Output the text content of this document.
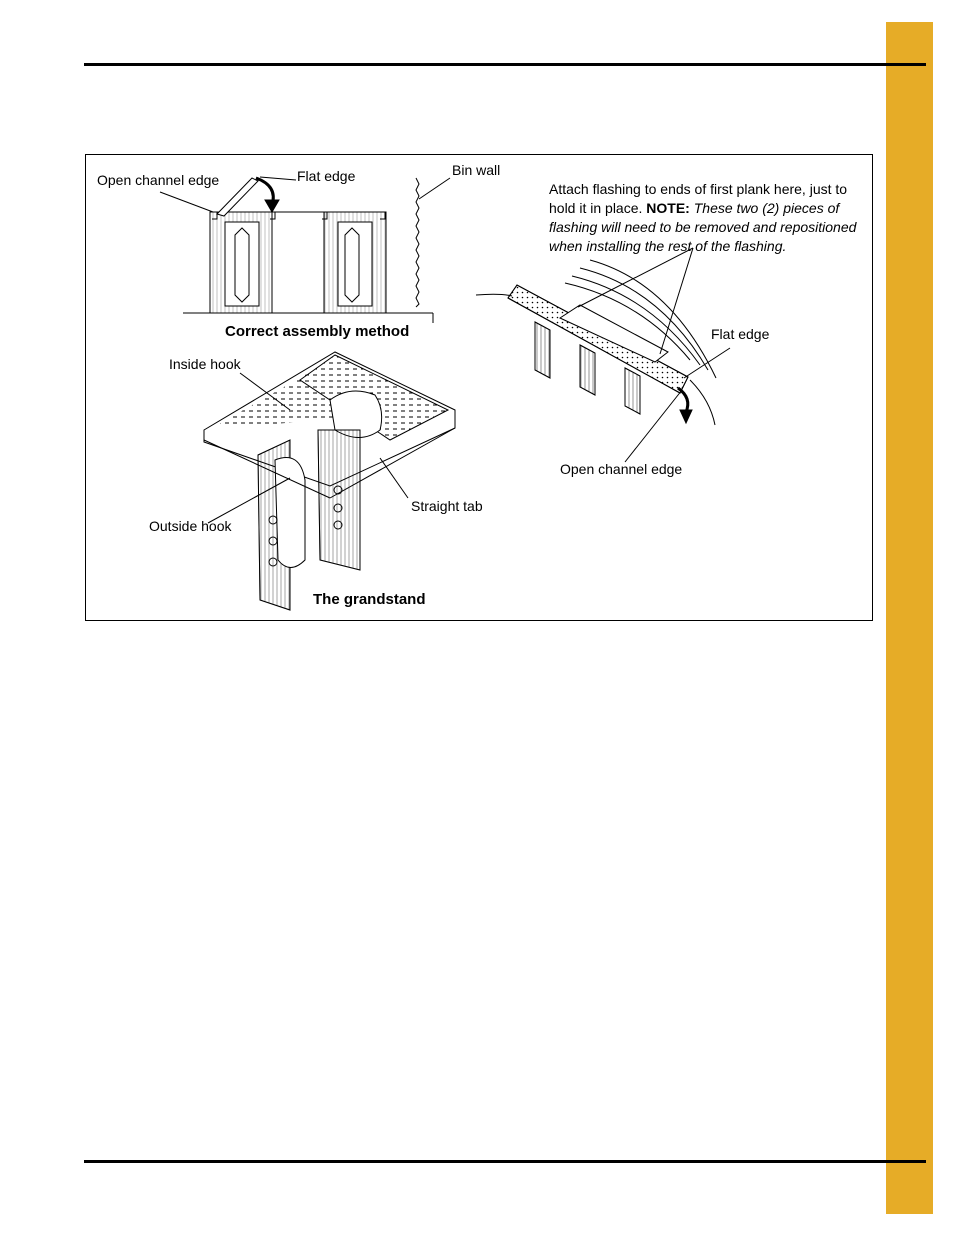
Open channel edge	Flat edge	Bin wall
Correct assembly method
Inside hook
Straight tab
Outside hook
The grandstand
Flat edge
Open channel edge
Attach flashing to ends of first plank here, just to hold it in place. NOTE: These two (2) pieces of flashing will need to be removed and repositioned when installing the rest of the flashing.
